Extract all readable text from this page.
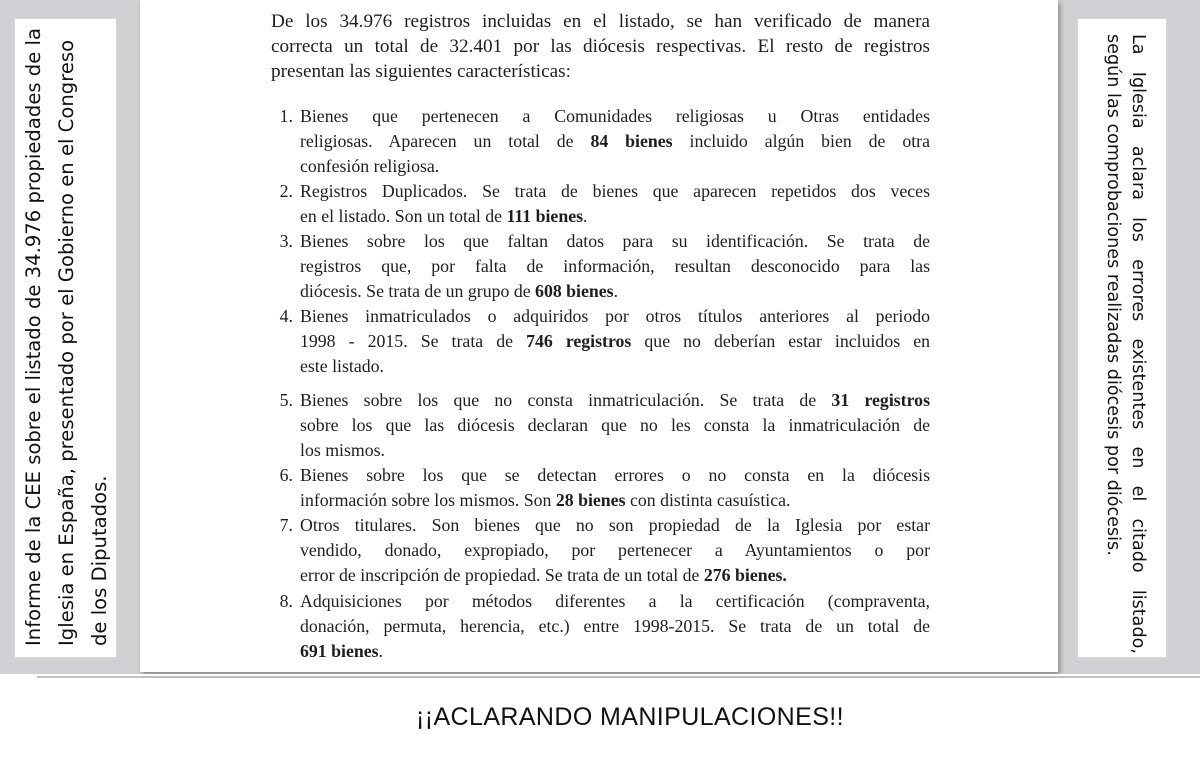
De los 34.976 registros incluidas en el listado, se han verificado de manera
correcta un total de 32.401 por las diócesis respectivas. El resto de registros
presentan las siguientes características:

1. Bienes que pertenecen a Comunidades religiosas u Otras entidades
religiosas. Aparecen un total de 84 bienes incluido algún bien de otra
confesión religiosa.
2. Registros Duplicados. Se trata de bienes que aparecen repetidos dos veces
en el listado. Son un total de 111 bienes.
3. Bienes sobre los que faltan datos para su identificación. Se trata de
registros que, por falta de información, resultan desconocido para las
diócesis. Se trata de un grupo de 608 bienes.
4. Bienes inmatriculados o adquiridos por otros títulos anteriores al periodo
1998 - 2015. Se trata de 746 registros que no deberían estar incluidos en
este listado.
5. Bienes sobre los que no consta inmatriculación. Se trata de 31 registros
sobre los que las diócesis declaran que no les consta la inmatriculación de
los mismos.
6. Bienes sobre los que se detectan errores o no consta en la diócesis
información sobre los mismos. Son 28 bienes con distinta casuística.
7. Otros titulares. Son bienes que no son propiedad de la Iglesia por estar
vendido, donado, expropiado, por pertenecer a Ayuntamientos o por
error de inscripción de propiedad. Se trata de un total de 276 bienes.
8. Adquisiciones por métodos diferentes a la certificación (compraventa,
donación, permuta, herencia, etc.) entre 1998-2015. Se trata de un total de
691 bienes.
Informe de la CEE sobre el listado de 34.976 propiedades de la Iglesia en España, presentado por el Gobierno en el Congreso de los Diputados.	La Iglesia aclara los errores existentes en el citado listado,
según las comprobaciones realizadas diócesis por diócesis.
¡¡ACLARANDO MANIPULACIONES!!
